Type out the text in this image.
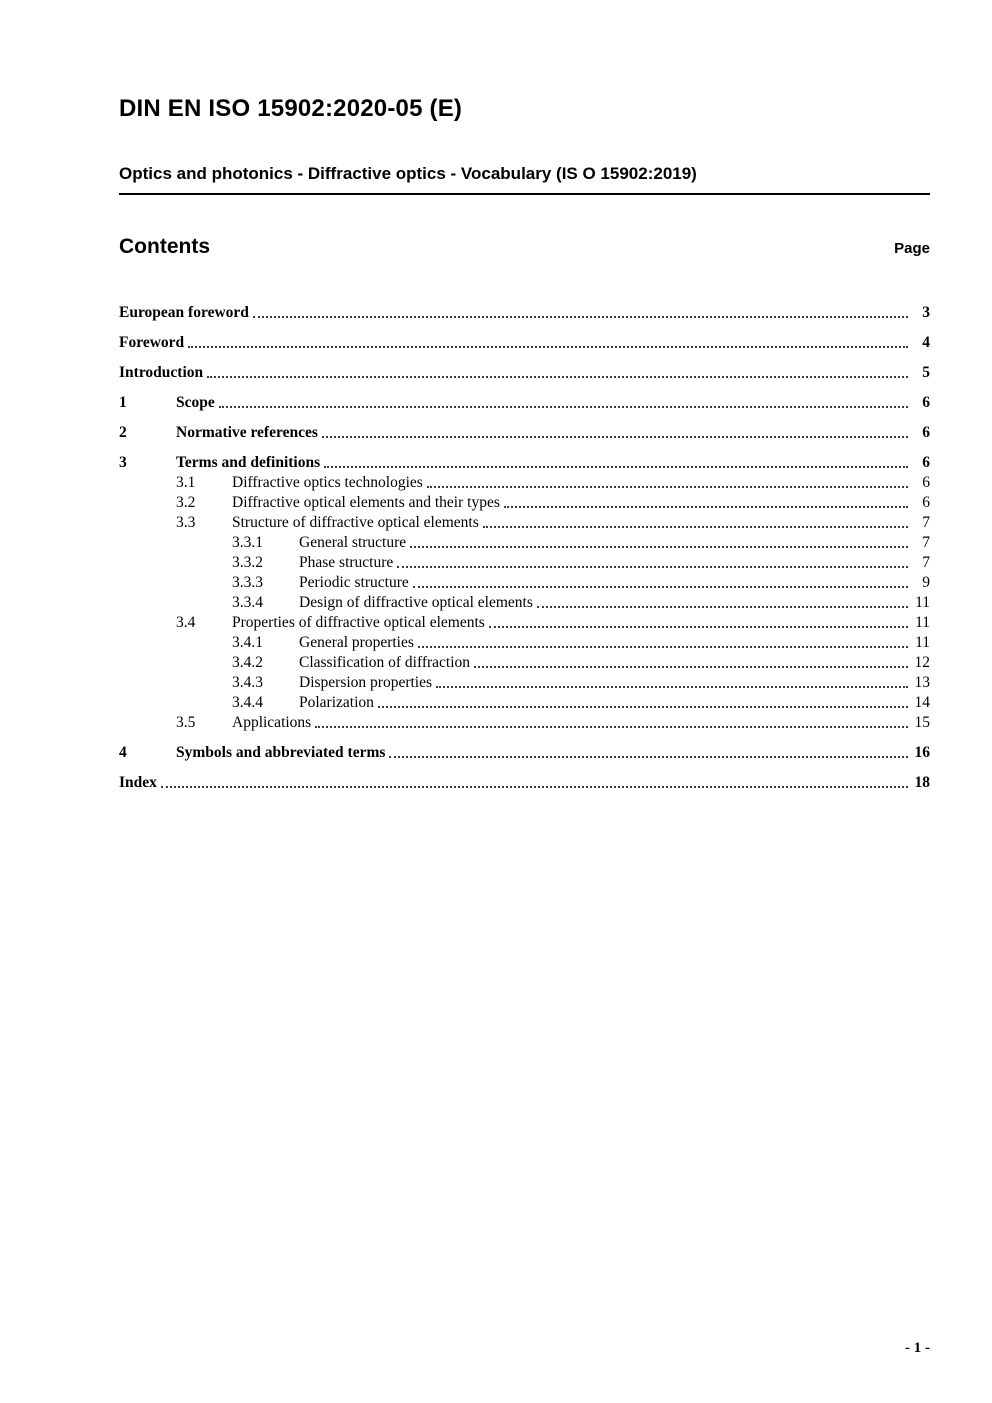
DIN EN ISO 15902:2020-05 (E)
Optics and photonics - Diffractive optics - Vocabulary (IS O 15902:2019)
Contents	Page
European foreword	3
Foreword	4
Introduction	5
1	Scope	6
2	Normative references	6
3	Terms and definitions	6
3.1	Diffractive optics technologies	6
3.2	Diffractive optical elements and their types	6
3.3	Structure of diffractive optical elements	7
3.3.1	General structure	7
3.3.2	Phase structure	7
3.3.3	Periodic structure	9
3.3.4	Design of diffractive optical elements	11
3.4	Properties of diffractive optical elements	11
3.4.1	General properties	11
3.4.2	Classification of diffraction	12
3.4.3	Dispersion properties	13
3.4.4	Polarization	14
3.5	Applications	15
4	Symbols and abbreviated terms	16
Index	18
- 1 -
